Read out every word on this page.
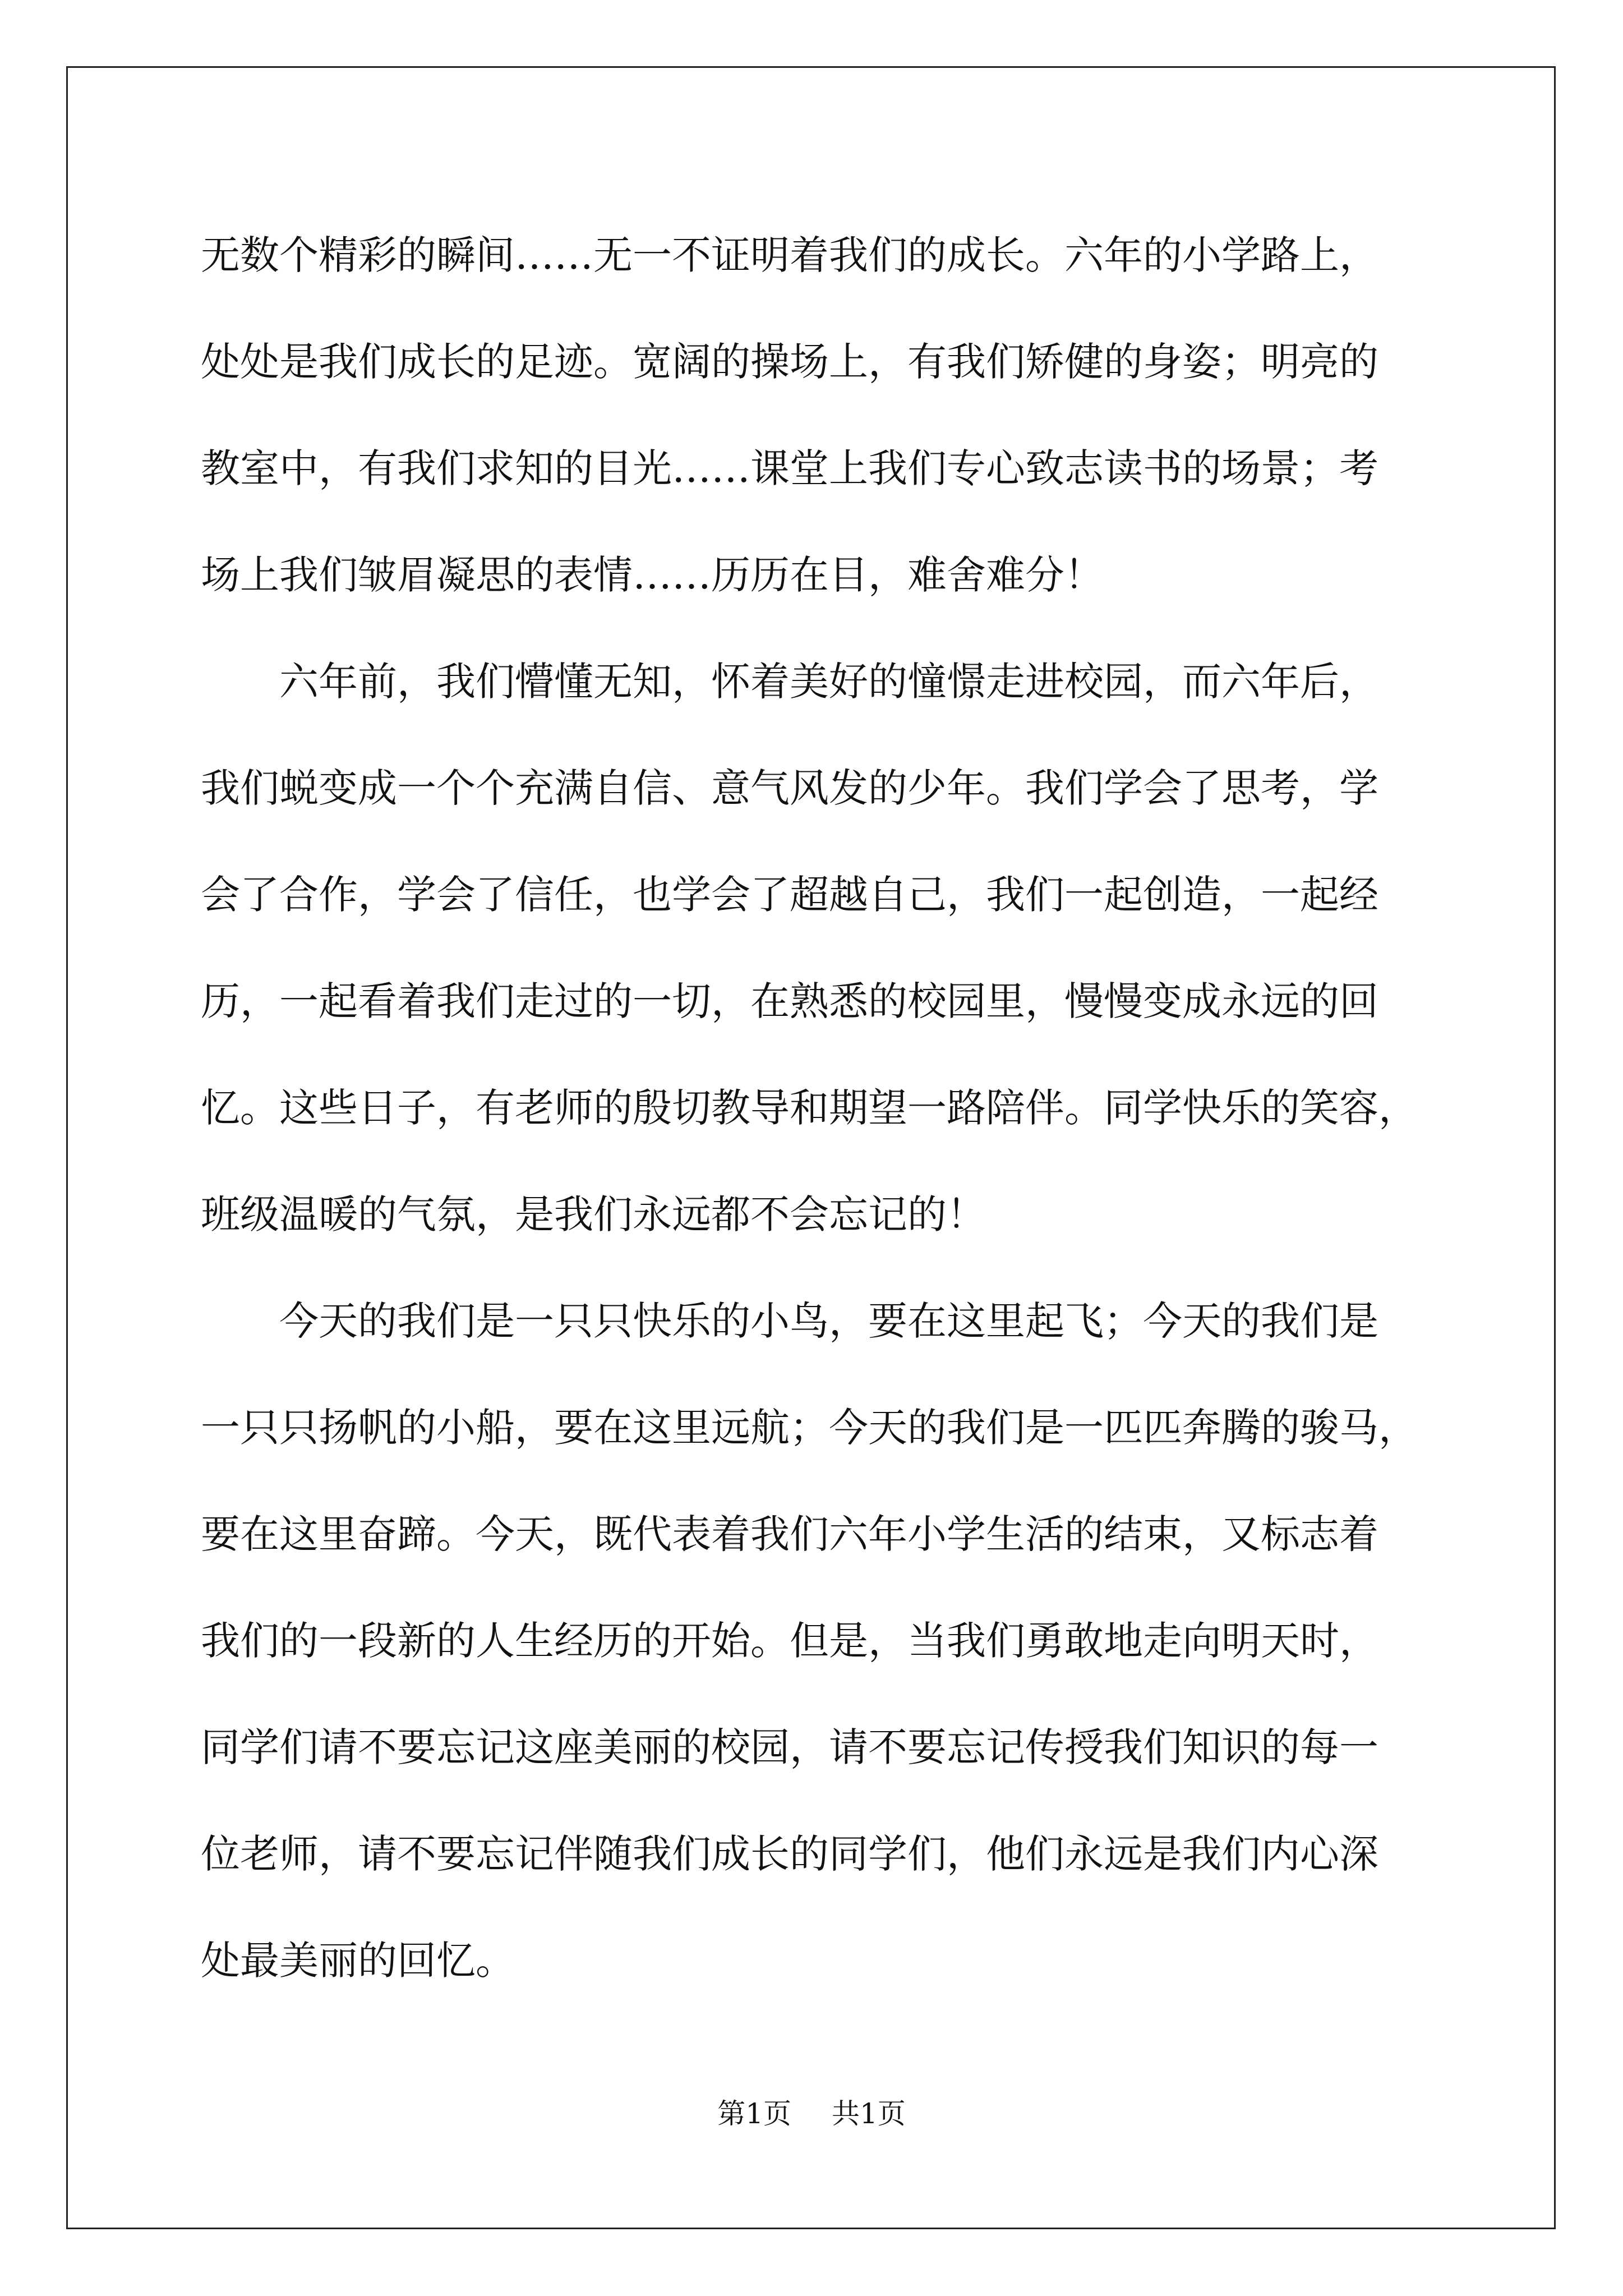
无数个精彩的瞬间……无一不证明着我们的成长。六年的小学路上，
处处是我们成长的足迹。宽阔的操场上，有我们矫健的身姿；明亮的
教室中，有我们求知的目光……课堂上我们专心致志读书的场景；考
场上我们皱眉凝思的表情……历历在目，难舍难分！

六年前，我们懵懂无知，怀着美好的憧憬走进校园，而六年后，
我们蜕变成一个个充满自信、意气风发的少年。我们学会了思考，学
会了合作，学会了信任，也学会了超越自己，我们一起创造，一起经
历，一起看着我们走过的一切，在熟悉的校园里，慢慢变成永远的回
忆。这些日子，有老师的殷切教导和期望一路陪伴。同学快乐的笑容，
班级温暖的气氛，是我们永远都不会忘记的！

今天的我们是一只只快乐的小鸟，要在这里起飞；今天的我们是
一只只扬帆的小船，要在这里远航；今天的我们是一匹匹奔腾的骏马，
要在这里奋蹄。今天，既代表着我们六年小学生活的结束，又标志着
我们的一段新的人生经历的开始。但是，当我们勇敢地走向明天时，
同学们请不要忘记这座美丽的校园，请不要忘记传授我们知识的每一
位老师，请不要忘记伴随我们成长的同学们，他们永远是我们内心深
处最美丽的回忆。

第1页 共1页
